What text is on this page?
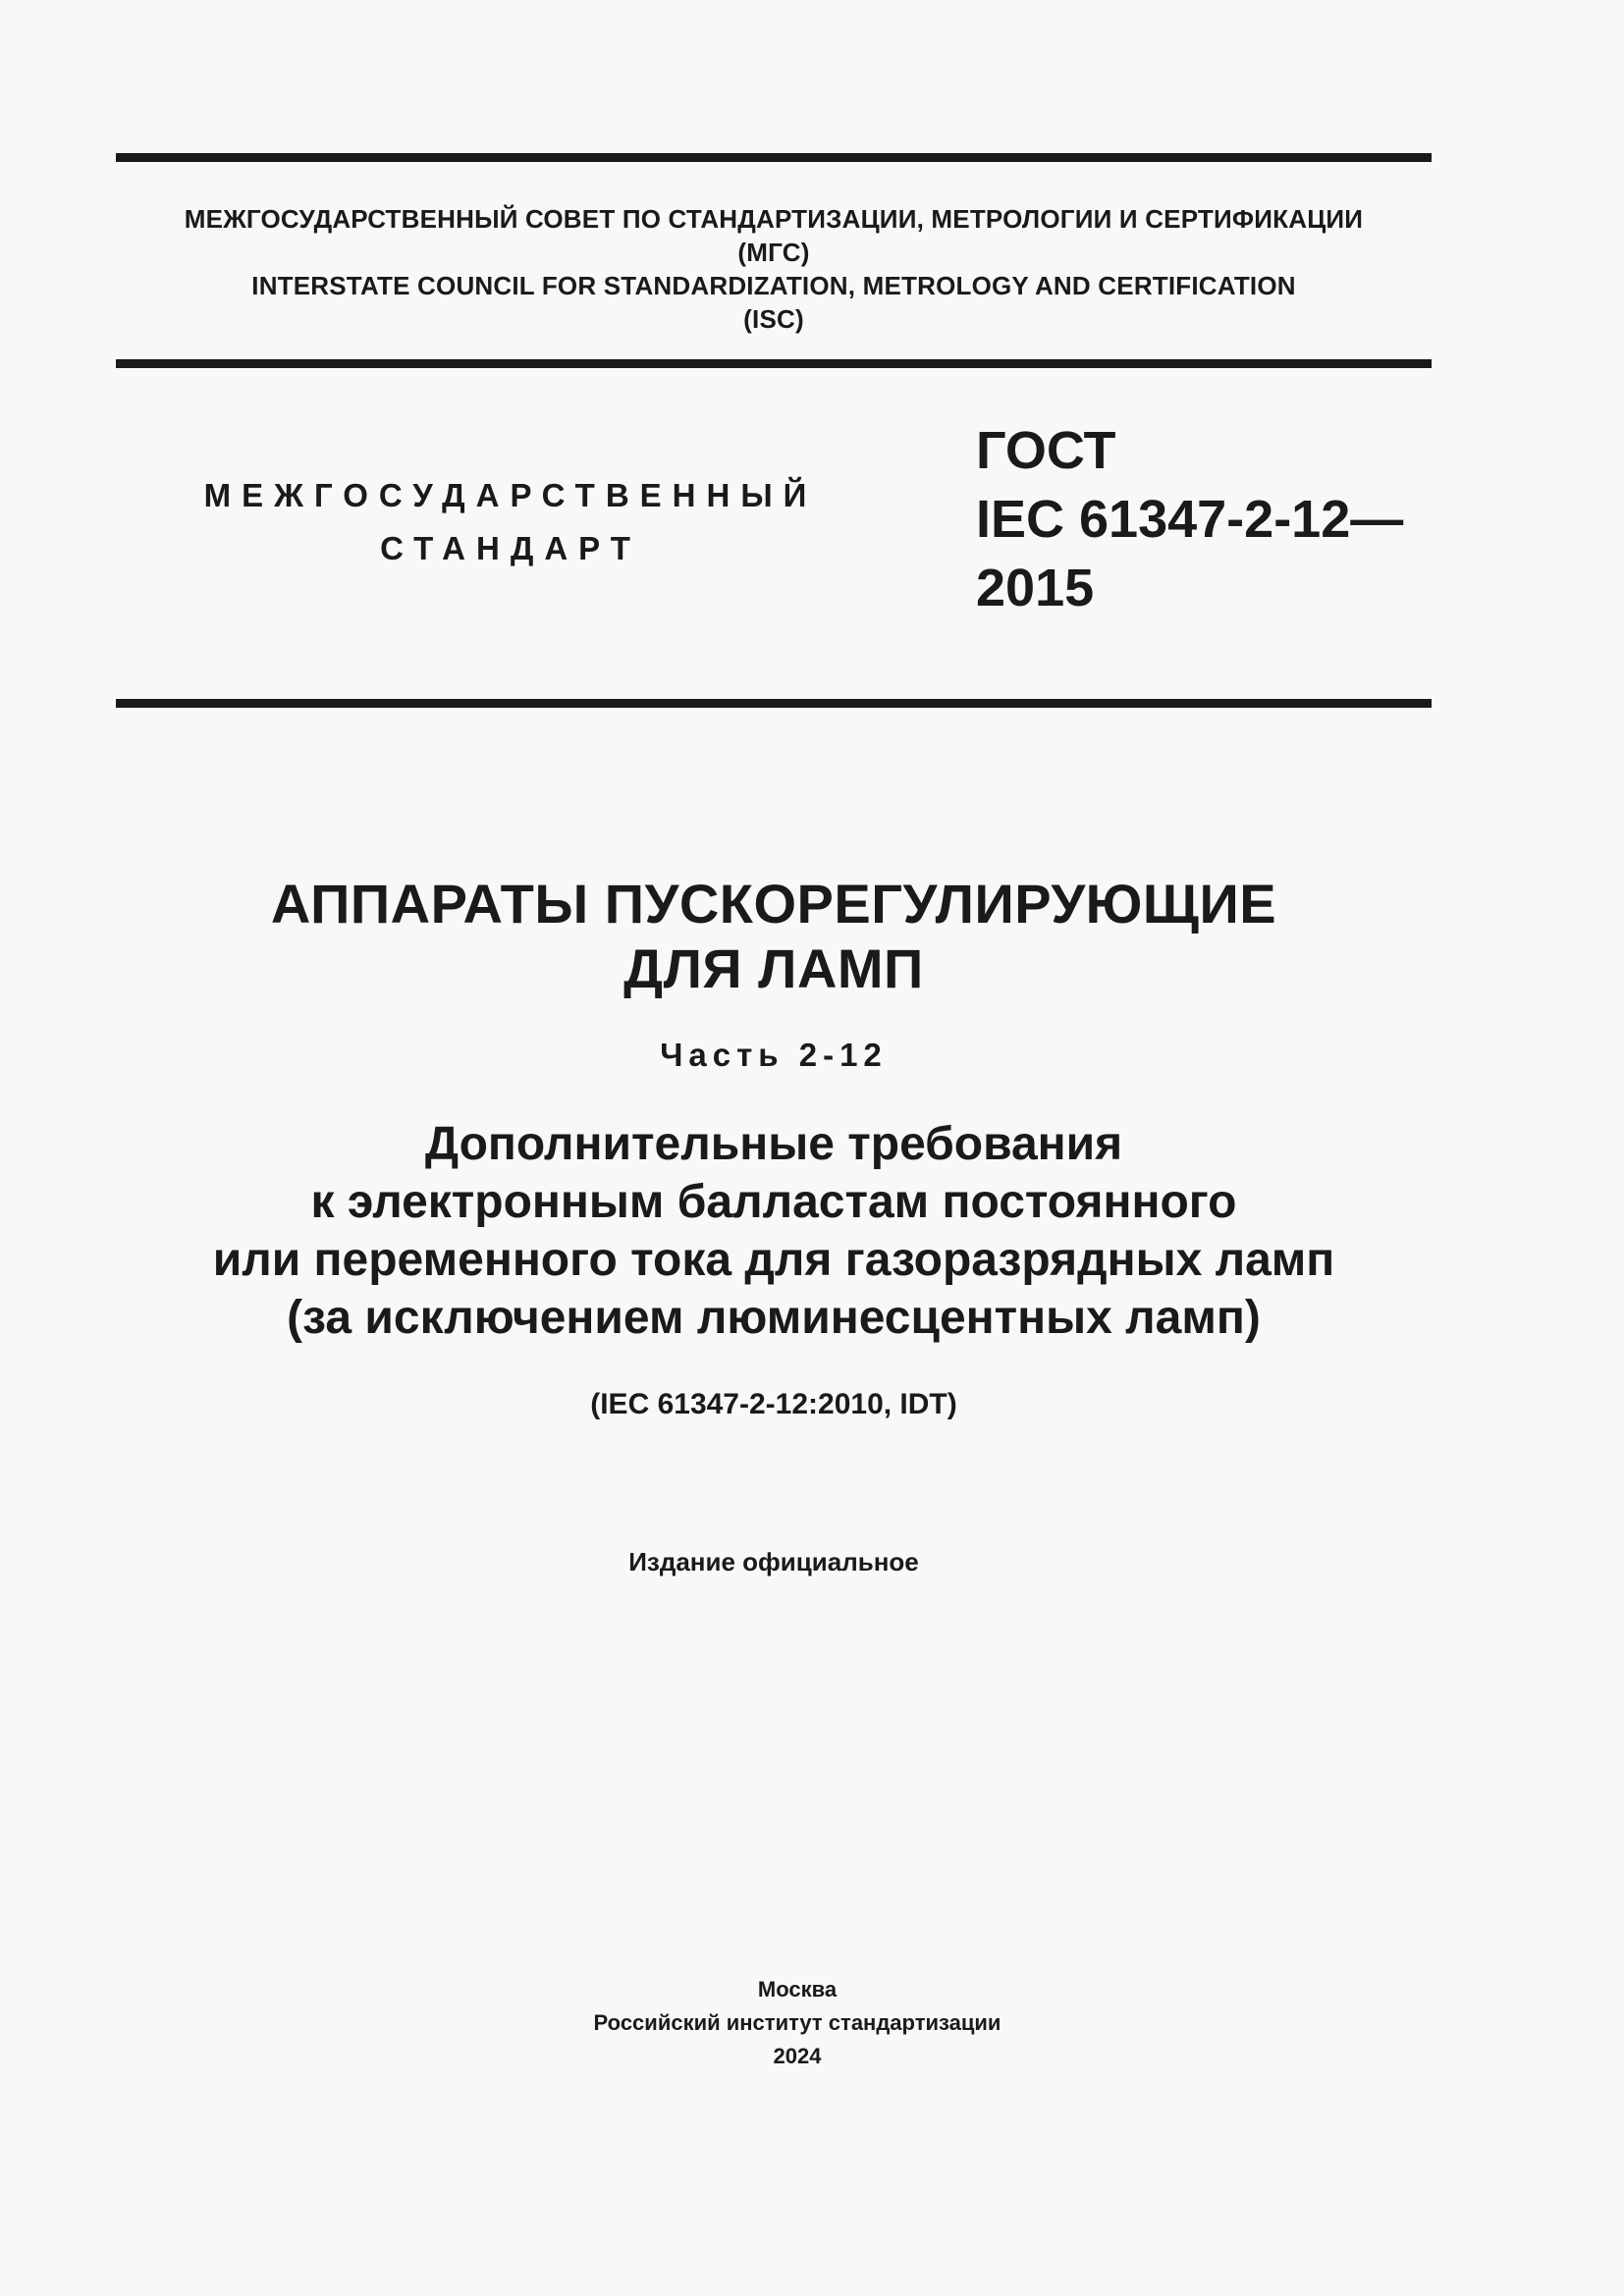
МЕЖГОСУДАРСТВЕННЫЙ СОВЕТ ПО СТАНДАРТИЗАЦИИ, МЕТРОЛОГИИ И СЕРТИФИКАЦИИ
(МГС)
INTERSTATE COUNCIL FOR STANDARDIZATION, METROLOGY AND CERTIFICATION
(ISC)
МЕЖГОСУДАРСТВЕННЫЙ
СТАНДАРТ
ГОСТ
IEC 61347-2-12—
2015
АППАРАТЫ ПУСКОРЕГУЛИРУЮЩИЕ
ДЛЯ ЛАМП
Часть 2-12
Дополнительные требования
к электронным балластам постоянного
или переменного тока для газоразрядных ламп
(за исключением люминесцентных ламп)
(IEC 61347-2-12:2010, IDT)
Издание официальное
Москва
Российский институт стандартизации
2024
